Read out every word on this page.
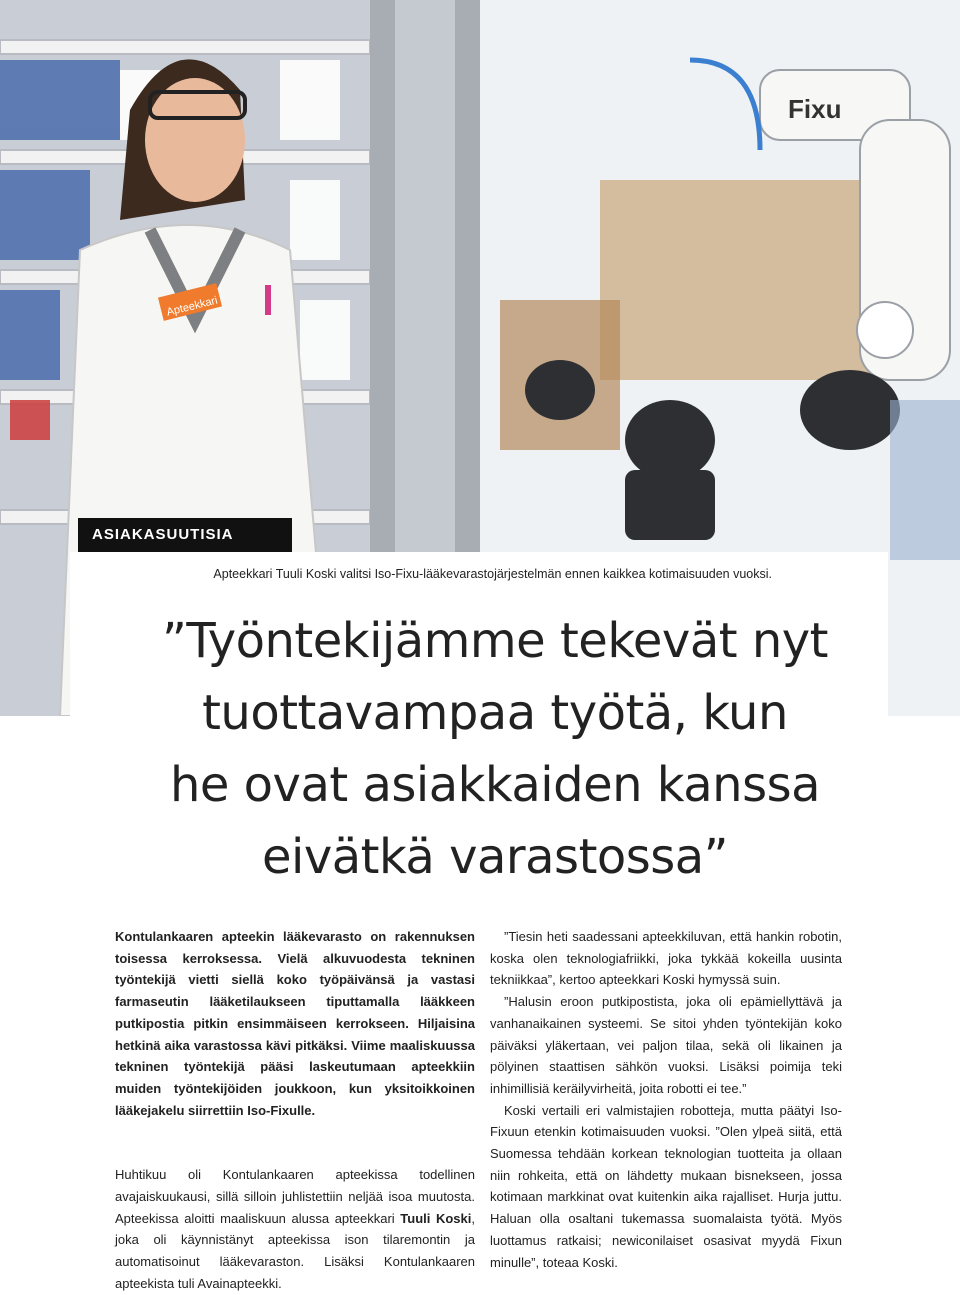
Fixu
Apteekkari
ASIAKASUUTISIA
Apteekkari Tuuli Koski valitsi Iso-Fixu-lääkevarastojärjestelmän ennen kaikkea kotimaisuuden vuoksi.
”Työntekijämme tekevät nyt
tuottavampaa työtä, kun
he ovat asiakkaiden kanssa
eivätkä varastossa”

Kontulankaaren apteekin lääkevarasto on rakennuksen toisessa kerroksessa. Vielä alkuvuodesta tekninen työntekijä vietti siellä koko työpäivänsä ja vastasi farmaseutin lääketilaukseen tiputtamalla lääkkeen putkipostia pitkin ensimmäiseen kerrokseen. Hiljaisina hetkinä aika varastossa kävi pitkäksi. Viime maaliskuussa tekninen työntekijä pääsi laskeutumaan apteekkiin muiden työntekijöiden joukkoon, kun yksitoikkoinen lääkejakelu siirrettiin Iso-Fixulle.

Huhtikuu oli Kontulankaaren apteekissa todellinen avajaiskuukausi, sillä silloin juhlistettiin neljää isoa muutosta. Apteekissa aloitti maaliskuun alussa apteekkari Tuuli Koski, joka oli käynnistänyt apteekissa ison tilaremontin ja automatisoinut lääkevaraston. Lisäksi Kontulankaaren apteekista tuli Avainapteekki.

”Tiesin heti saadessani apteekkiluvan, että hankin robotin, koska olen teknologiafriikki, joka tykkää kokeilla uusinta tekniikkaa”, kertoo apteekkari Koski hymyssä suin.

”Halusin eroon putkipostista, joka oli epämiellyttävä ja vanhanaikainen systeemi. Se sitoi yhden työntekijän koko päiväksi yläkertaan, vei paljon tilaa, sekä oli likainen ja pölyinen staattisen sähkön vuoksi. Lisäksi poimija teki inhimillisiä keräilyvirheitä, joita robotti ei tee.”

Koski vertaili eri valmistajien robotteja, mutta päätyi Iso-Fixuun etenkin kotimaisuuden vuoksi. ”Olen ylpeä siitä, että Suomessa tehdään korkean teknologian tuotteita ja ollaan niin rohkeita, että on lähdetty mukaan bisnekseen, jossa kotimaan markkinat ovat kuitenkin aika rajalliset. Hurja juttu. Haluan olla osaltani tukemassa suomalaista työtä. Myös luottamus ratkaisi; newiconilaiset osasivat myydä Fixun minulle”, toteaa Koski.
